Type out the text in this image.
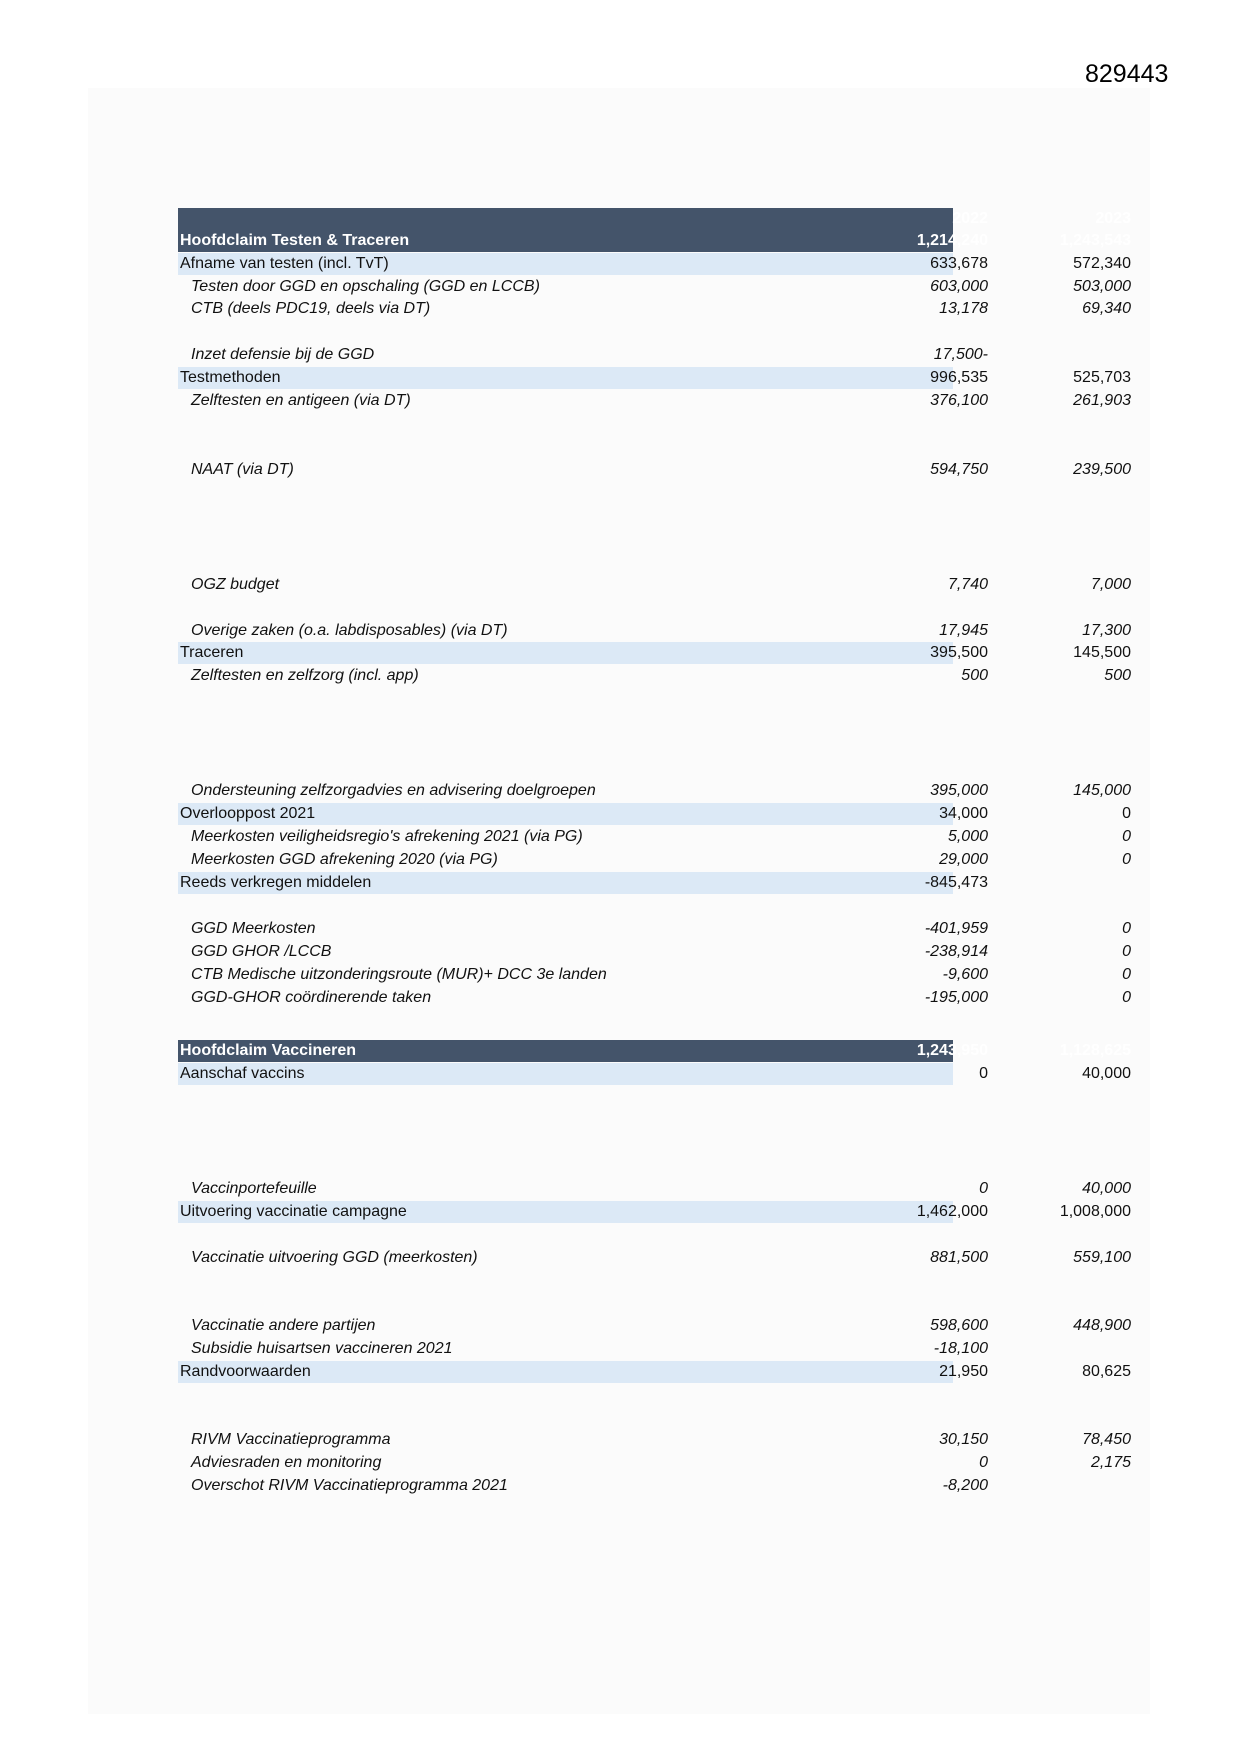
829443
2022	2023
Hoofdclaim Testen & Traceren	1,214,240	1,243,543
Afname van testen (incl. TvT)	633,678	572,340
Testen door GGD en opschaling (GGD en LCCB)	603,000	503,000
CTB (deels PDC19, deels via DT)	13,178	69,340
Inzet defensie bij de GGD	17,500-
Testmethoden	996,535	525,703
Zelftesten en antigeen (via DT)	376,100	261,903
NAAT (via DT)	594,750	239,500
OGZ budget	7,740	7,000
Overige zaken (o.a. labdisposables) (via DT)	17,945	17,300
Traceren	395,500	145,500
Zelftesten en zelfzorg (incl. app)	500	500
Ondersteuning zelfzorgadvies en advisering doelgroepen	395,000	145,000
Overlooppost 2021	34,000	0
Meerkosten veiligheidsregio's afrekening 2021 (via PG)	5,000	0
Meerkosten GGD afrekening 2020 (via PG)	29,000	0
Reeds verkregen middelen	-845,473
GGD Meerkosten	-401,959	0
GGD GHOR /LCCB	-238,914	0
CTB Medische uitzonderingsroute (MUR)+ DCC 3e landen	-9,600	0
GGD-GHOR coördinerende taken	-195,000	0
Hoofdclaim Vaccineren	1,243,950	1,128,625
Aanschaf vaccins	0	40,000
Vaccinportefeuille	0	40,000
Uitvoering vaccinatie campagne	1,462,000	1,008,000
Vaccinatie uitvoering GGD (meerkosten)	881,500	559,100
Vaccinatie andere partijen	598,600	448,900
Subsidie huisartsen vaccineren 2021	-18,100
Randvoorwaarden	21,950	80,625
RIVM Vaccinatieprogramma	30,150	78,450
Adviesraden en monitoring	0	2,175
Overschot RIVM Vaccinatieprogramma 2021	-8,200
